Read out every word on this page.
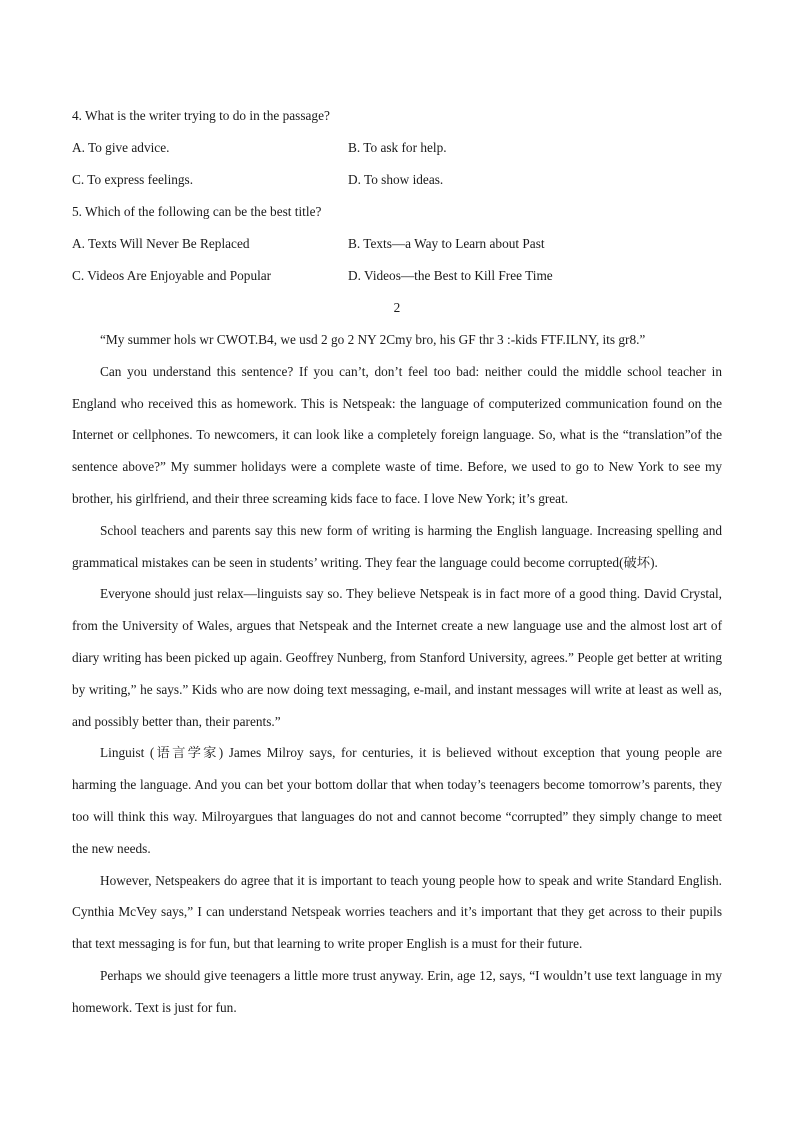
4. What is the writer trying to do in the passage?

A. To give advice.	B. To ask for help.
C. To express feelings.	D. To show ideas.

5. Which of the following can be the best title?

A. Texts Will Never Be Replaced	B. Texts—a Way to Learn about Past
C. Videos Are Enjoyable and Popular	D. Videos—the Best to Kill Free Time
2

“My summer hols wr CWOT.B4, we usd 2 go 2 NY 2Cmy bro, his GF thr 3 :-kids FTF.ILNY, its gr8.”

Can you understand this sentence? If you can’t, don’t feel too bad: neither could the middle school teacher in England who received this as homework. This is Netspeak: the language of computerized communication found on the Internet or cellphones. To newcomers, it can look like a completely foreign language. So, what is the “translation”of the sentence above?” My summer holidays were a complete waste of time. Before, we used to go to New York to see my brother, his girlfriend, and their three screaming kids face to face. I love New York; it’s great.

School teachers and parents say this new form of writing is harming the English language. Increasing spelling and grammatical mistakes can be seen in students’ writing. They fear the language could become corrupted(破坏).

Everyone should just relax—linguists say so. They believe Netspeak is in fact more of a good thing. David Crystal, from the University of Wales, argues that Netspeak and the Internet create a new language use and the almost lost art of diary writing has been picked up again. Geoffrey Nunberg, from Stanford University, agrees.” People get better at writing by writing,” he says.” Kids who are now doing text messaging, e-mail, and instant messages will write at least as well as, and possibly better than, their parents.”

Linguist (语言学家) James Milroy says, for centuries, it is believed without exception that young people are harming the language. And you can bet your bottom dollar that when today’s teenagers become tomorrow’s parents, they too will think this way. Milroyargues that languages do not and cannot become “corrupted” they simply change to meet the new needs.

However, Netspeakers do agree that it is important to teach young people how to speak and write Standard English. Cynthia McVey says,” I can understand Netspeak worries teachers and it’s important that they get across to their pupils that text messaging is for fun, but that learning to write proper English is a must for their future.

Perhaps we should give teenagers a little more trust anyway. Erin, age 12, says, “I wouldn’t use text language in my homework. Text is just for fun.
